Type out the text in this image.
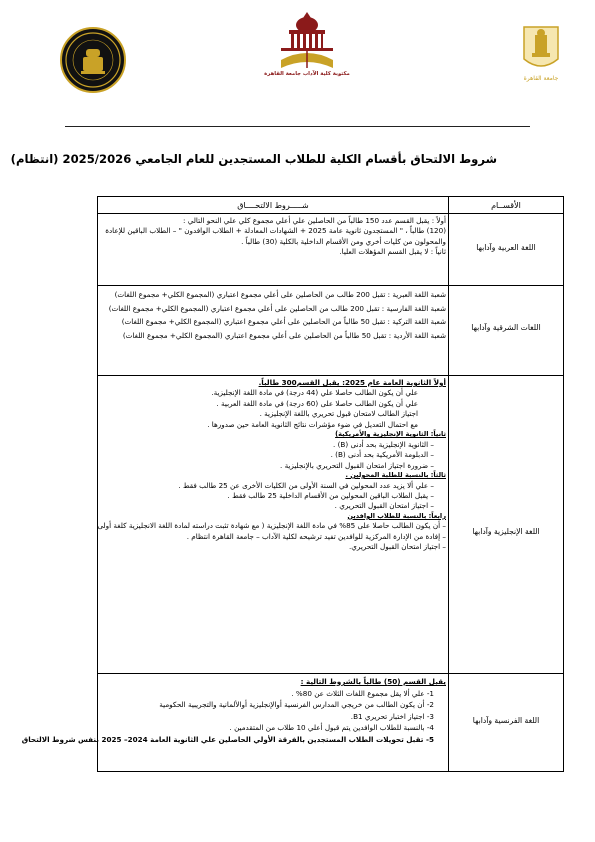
مكتوبة كلية الآداب جامعة القاهرة
جامعة القاهرة
شروط الالتحاق بأقسام الكلية للطلاب المستجدين للعام الجامعي 2025/2026 (انتظام)
شـــــروط الالتحــــاق	الأقســام
أولاً : يقبل القسم عدد 150 طالباً من الحاصلين علي أعلي مجموع كلي علي النحو التالي :
(120) طالباً ، " المستجدون ثانوية عامة 2025 + الشهادات المعادلة + الطلاب الوافدون " – الطلاب الباقين للإعادة
والمحولون من كليات أخري ومن الأقسام الداخلية بالكلية (30) طالباً .
ثانياً : لا يقبل القسم المؤهلات العليا.	اللغة العربية وآدابها
شعبة اللغة العبرية : تقبل 200 طالب من الحاصلين على أعلي مجموع اعتباري (المجموع الكلي+ مجموع اللغات)
شعبة اللغة الفارسية : تقبل 200 طالب من الحاصلين على أعلي مجموع اعتباري (المجموع الكلي+ مجموع اللغات)
شعبة اللغة التركية : تقبل 50 طالباً من الحاصلين على أعلي مجموع اعتباري (المجموع الكلي+ مجموع اللغات)
شعبة اللغة الأردية : تقبل 50 طالباً من الحاصلين على أعلي مجموع اعتباري (المجموع الكلي+ مجموع اللغات)
اللغات الشرقية وآدابها
أولاً الثانوية العامة عام 2025: يقبل القسم300 طالباً.
علي أن يكون الطالب حاصلا علي (44 درجة) في مادة اللغة الإنجليزية.
علي أن يكون الطالب حاصلا على (60 درجة) في مادة اللغة العربية .
اجتياز الطالب لامتحان قبول تحريري باللغة الإنجليزية .
مع احتمال التعديل في ضوء مؤشرات نتائج الثانوية العامة حين صدورها .
ثانياً: الثانوية الإنجليزية والأمريكية)
– الثانوية الإنجليزية بحد أدنى (B) .
– الدبلومة الأمريكية بحد أدنى (B) .
– ضرورة اجتياز امتحان القبول التحريري بالإنجليزية .
ثالثاً: بالنسبة للطلبة المحولين .
– علي ألا يزيد عدد المحولين في السنة الأولى من الكليات الأخرى عن 25 طالب فقط .
– يقبل الطلاب الباقين المحولين من الأقسام الداخلية 25 طالب فقط .
– اجتياز امتحان القبول التحريري .
رابعاً: بالنسبة للطلاب الوافدين
– أن يكون الطالب حاصلا على 85% في مادة اللغة الإنجليزية ( مع شهادة تثبت دراسته لمادة اللغة الانجليزية كلغة أولى
– إفادة من الإدارة المركزية للوافدين تفيد ترشيحه لكلية الآداب – جامعة القاهرة انتظام .
– اجتياز امتحان القبول التحريري.
اللغة الإنجليزية وآدابها
يقبل القسم (50) طالباً بالشروط التالية :
1- علي ألا يقل مجموع اللغات الثلاث عن 80% .
2- أن يكون الطالب من خريجي المدارس الفرنسية أوالإنجليزية أوالألمانية والتجريبية الحكومية
3- اجتياز اختبار تحريري B1.
4- بالنسبة للطلاب الوافدين يتم قبول أعلي 10 طلاب من المتقدمين .
5- تقبل تحويلات الطلاب المستجدين بالفرقة الأولي الحاصلين علي الثانوية العامة 2024– 2025 بنفس شروط الالتحاق
اللغة الفرنسية وآدابها
